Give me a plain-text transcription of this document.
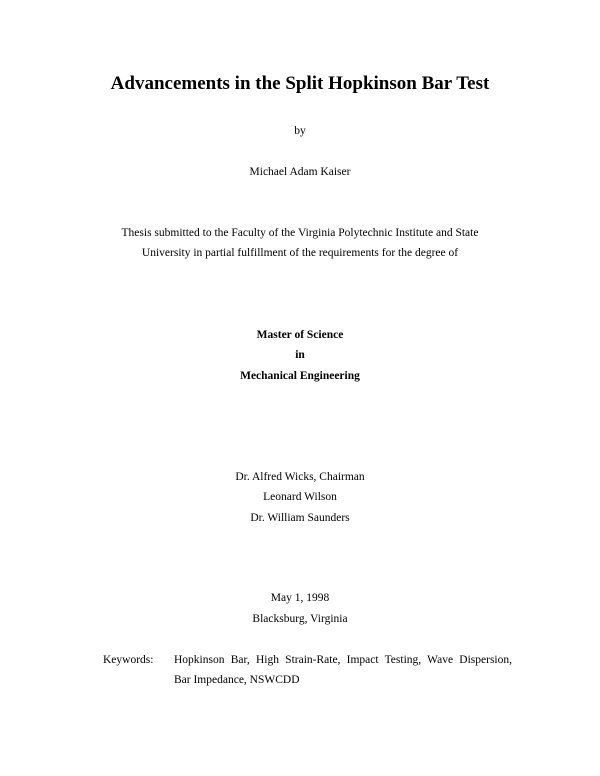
Advancements in the Split Hopkinson Bar Test
by
Michael Adam Kaiser
Thesis submitted to the Faculty of the Virginia Polytechnic Institute and State
University in partial fulfillment of the requirements for the degree of
Master of Science
in
Mechanical Engineering
Dr. Alfred Wicks, Chairman
Leonard Wilson
Dr. William Saunders
May 1, 1998
Blacksburg, Virginia
Keywords: Hopkinson Bar, High Strain-Rate, Impact Testing, Wave Dispersion,
Bar Impedance, NSWCDD
